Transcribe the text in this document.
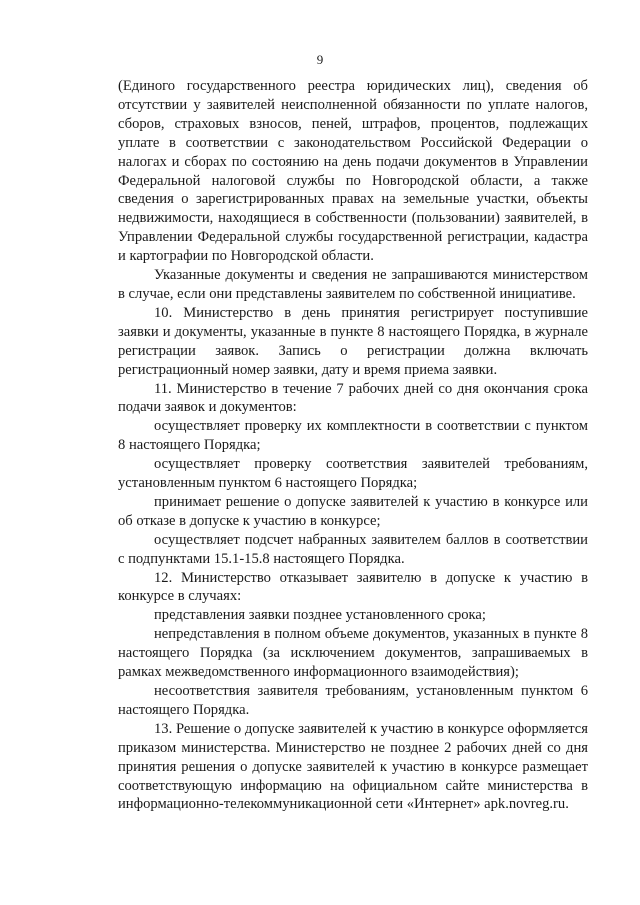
9

(Единого государственного реестра юридических лиц), сведения об отсутствии у заявителей неисполненной обязанности по уплате налогов, сборов, страховых взносов, пеней, штрафов, процентов, подлежащих уплате в соответствии с законодательством Российской Федерации о налогах и сборах по состоянию на день подачи документов в Управлении Федеральной налоговой службы по Новгородской области, а также сведения о зарегистрированных правах на земельные участки, объекты недвижимости, находящиеся в собственности (пользовании) заявителей, в Управлении Федеральной службы государственной регистрации, кадастра и картографии по Новгородской области.

Указанные документы и сведения не запрашиваются министерством в случае, если они представлены заявителем по собственной инициативе.

10. Министерство в день принятия регистрирует поступившие заявки и документы, указанные в пункте 8 настоящего Порядка, в журнале регистрации заявок. Запись о регистрации должна включать регистрационный номер заявки, дату и время приема заявки.

11. Министерство в течение 7 рабочих дней со дня окончания срока подачи заявок и документов:

осуществляет проверку их комплектности в соответствии с пунктом 8 настоящего Порядка;

осуществляет проверку соответствия заявителей требованиям, установленным пунктом 6 настоящего Порядка;

принимает решение о допуске заявителей к участию в конкурсе или об отказе в допуске к участию в конкурсе;

осуществляет подсчет набранных заявителем баллов в соответствии с подпунктами 15.1-15.8 настоящего Порядка.

12. Министерство отказывает заявителю в допуске к участию в конкурсе в случаях:

представления заявки позднее установленного срока;

непредставления в полном объеме документов, указанных в пункте 8 настоящего Порядка (за исключением документов, запрашиваемых в рамках межведомственного информационного взаимодействия);

несоответствия заявителя требованиям, установленным пунктом 6 настоящего Порядка.

13. Решение о допуске заявителей к участию в конкурсе оформляется приказом министерства. Министерство не позднее 2 рабочих дней со дня принятия решения о допуске заявителей к участию в конкурсе размещает соответствующую информацию на официальном сайте министерства в информационно-телекоммуникационной сети «Интернет» apk.novreg.ru.
